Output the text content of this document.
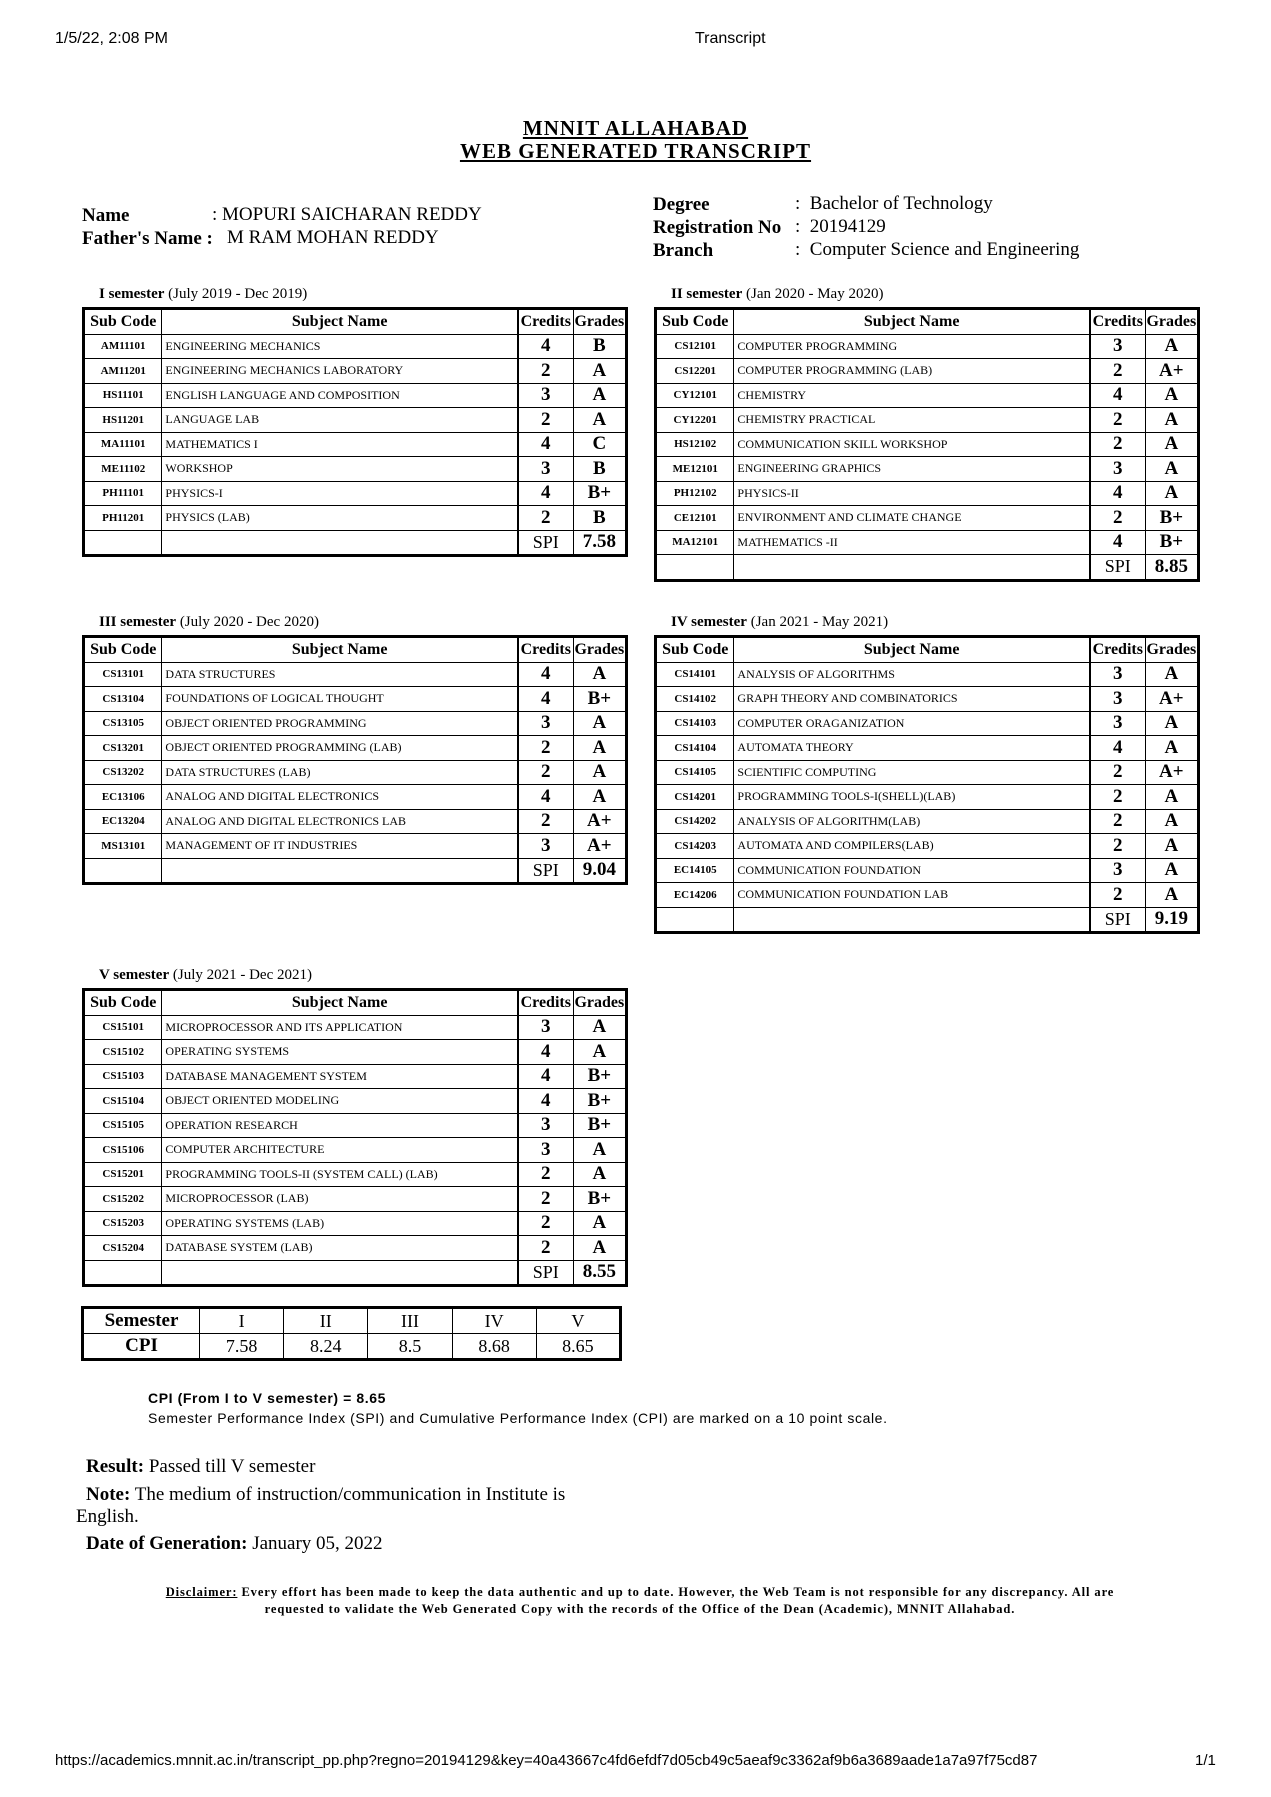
1/5/22, 2:08 PM	Transcript
MNNIT ALLAHABAD
WEB GENERATED TRANSCRIPT
Name	: MOPURI SAICHARAN REDDY
Father's Name : M RAM MOHAN REDDY
Degree	:  Bachelor of Technology
Registration No :  20194129
Branch	:  Computer Science and Engineering
I semester (July 2019 - Dec 2019)
Sub Code	Subject Name	Credits	Grades
AM11101	ENGINEERING MECHANICS	4	B
AM11201	ENGINEERING MECHANICS LABORATORY	2	A
HS11101	ENGLISH LANGUAGE AND COMPOSITION	3	A
HS11201	LANGUAGE LAB	2	A
MA11101	MATHEMATICS I	4	C
ME11102	WORKSHOP	3	B
PH11101	PHYSICS-I	4	B+
PH11201	PHYSICS (LAB)	2	B
		SPI	7.58
II semester (Jan 2020 - May 2020)
Sub Code	Subject Name	Credits	Grades
CS12101	COMPUTER PROGRAMMING	3	A
CS12201	COMPUTER PROGRAMMING (LAB)	2	A+
CY12101	CHEMISTRY	4	A
CY12201	CHEMISTRY PRACTICAL	2	A
HS12102	COMMUNICATION SKILL WORKSHOP	2	A
ME12101	ENGINEERING GRAPHICS	3	A
PH12102	PHYSICS-II	4	A
CE12101	ENVIRONMENT AND CLIMATE CHANGE	2	B+
MA12101	MATHEMATICS -II	4	B+
		SPI	8.85
III semester (July 2020 - Dec 2020)
Sub Code	Subject Name	Credits	Grades
CS13101	DATA STRUCTURES	4	A
CS13104	FOUNDATIONS OF LOGICAL THOUGHT	4	B+
CS13105	OBJECT ORIENTED PROGRAMMING	3	A
CS13201	OBJECT ORIENTED PROGRAMMING (LAB)	2	A
CS13202	DATA STRUCTURES (LAB)	2	A
EC13106	ANALOG AND DIGITAL ELECTRONICS	4	A
EC13204	ANALOG AND DIGITAL ELECTRONICS LAB	2	A+
MS13101	MANAGEMENT OF IT INDUSTRIES	3	A+
		SPI	9.04
IV semester (Jan 2021 - May 2021)
Sub Code	Subject Name	Credits	Grades
CS14101	ANALYSIS OF ALGORITHMS	3	A
CS14102	GRAPH THEORY AND COMBINATORICS	3	A+
CS14103	COMPUTER ORAGANIZATION	3	A
CS14104	AUTOMATA THEORY	4	A
CS14105	SCIENTIFIC COMPUTING	2	A+
CS14201	PROGRAMMING TOOLS-I(SHELL)(LAB)	2	A
CS14202	ANALYSIS OF ALGORITHM(LAB)	2	A
CS14203	AUTOMATA AND COMPILERS(LAB)	2	A
EC14105	COMMUNICATION FOUNDATION	3	A
EC14206	COMMUNICATION FOUNDATION LAB	2	A
		SPI	9.19
V semester (July 2021 - Dec 2021)
Sub Code	Subject Name	Credits	Grades
CS15101	MICROPROCESSOR AND ITS APPLICATION	3	A
CS15102	OPERATING SYSTEMS	4	A
CS15103	DATABASE MANAGEMENT SYSTEM	4	B+
CS15104	OBJECT ORIENTED MODELING	4	B+
CS15105	OPERATION RESEARCH	3	B+
CS15106	COMPUTER ARCHITECTURE	3	A
CS15201	PROGRAMMING TOOLS-II (SYSTEM CALL) (LAB)	2	A
CS15202	MICROPROCESSOR (LAB)	2	B+
CS15203	OPERATING SYSTEMS (LAB)	2	A
CS15204	DATABASE SYSTEM (LAB)	2	A
		SPI	8.55
Semester	I	II	III	IV	V
CPI	7.58	8.24	8.5	8.68	8.65
CPI (From I to V semester) = 8.65
Semester Performance Index (SPI) and Cumulative Performance Index (CPI) are marked on a 10 point scale.
Result: Passed till V semester
Note: The medium of instruction/communication in Institute is
English.
Date of Generation: January 05, 2022
Disclaimer: Every effort has been made to keep the data authentic and up to date. However, the Web Team is not responsible for any discrepancy. All are
requested to validate the Web Generated Copy with the records of the Office of the Dean (Academic), MNNIT Allahabad.
https://academics.mnnit.ac.in/transcript_pp.php?regno=20194129&key=40a43667c4fd6efdf7d05cb49c5aeaf9c3362af9b6a3689aade1a7a97f75cd87	1/1
